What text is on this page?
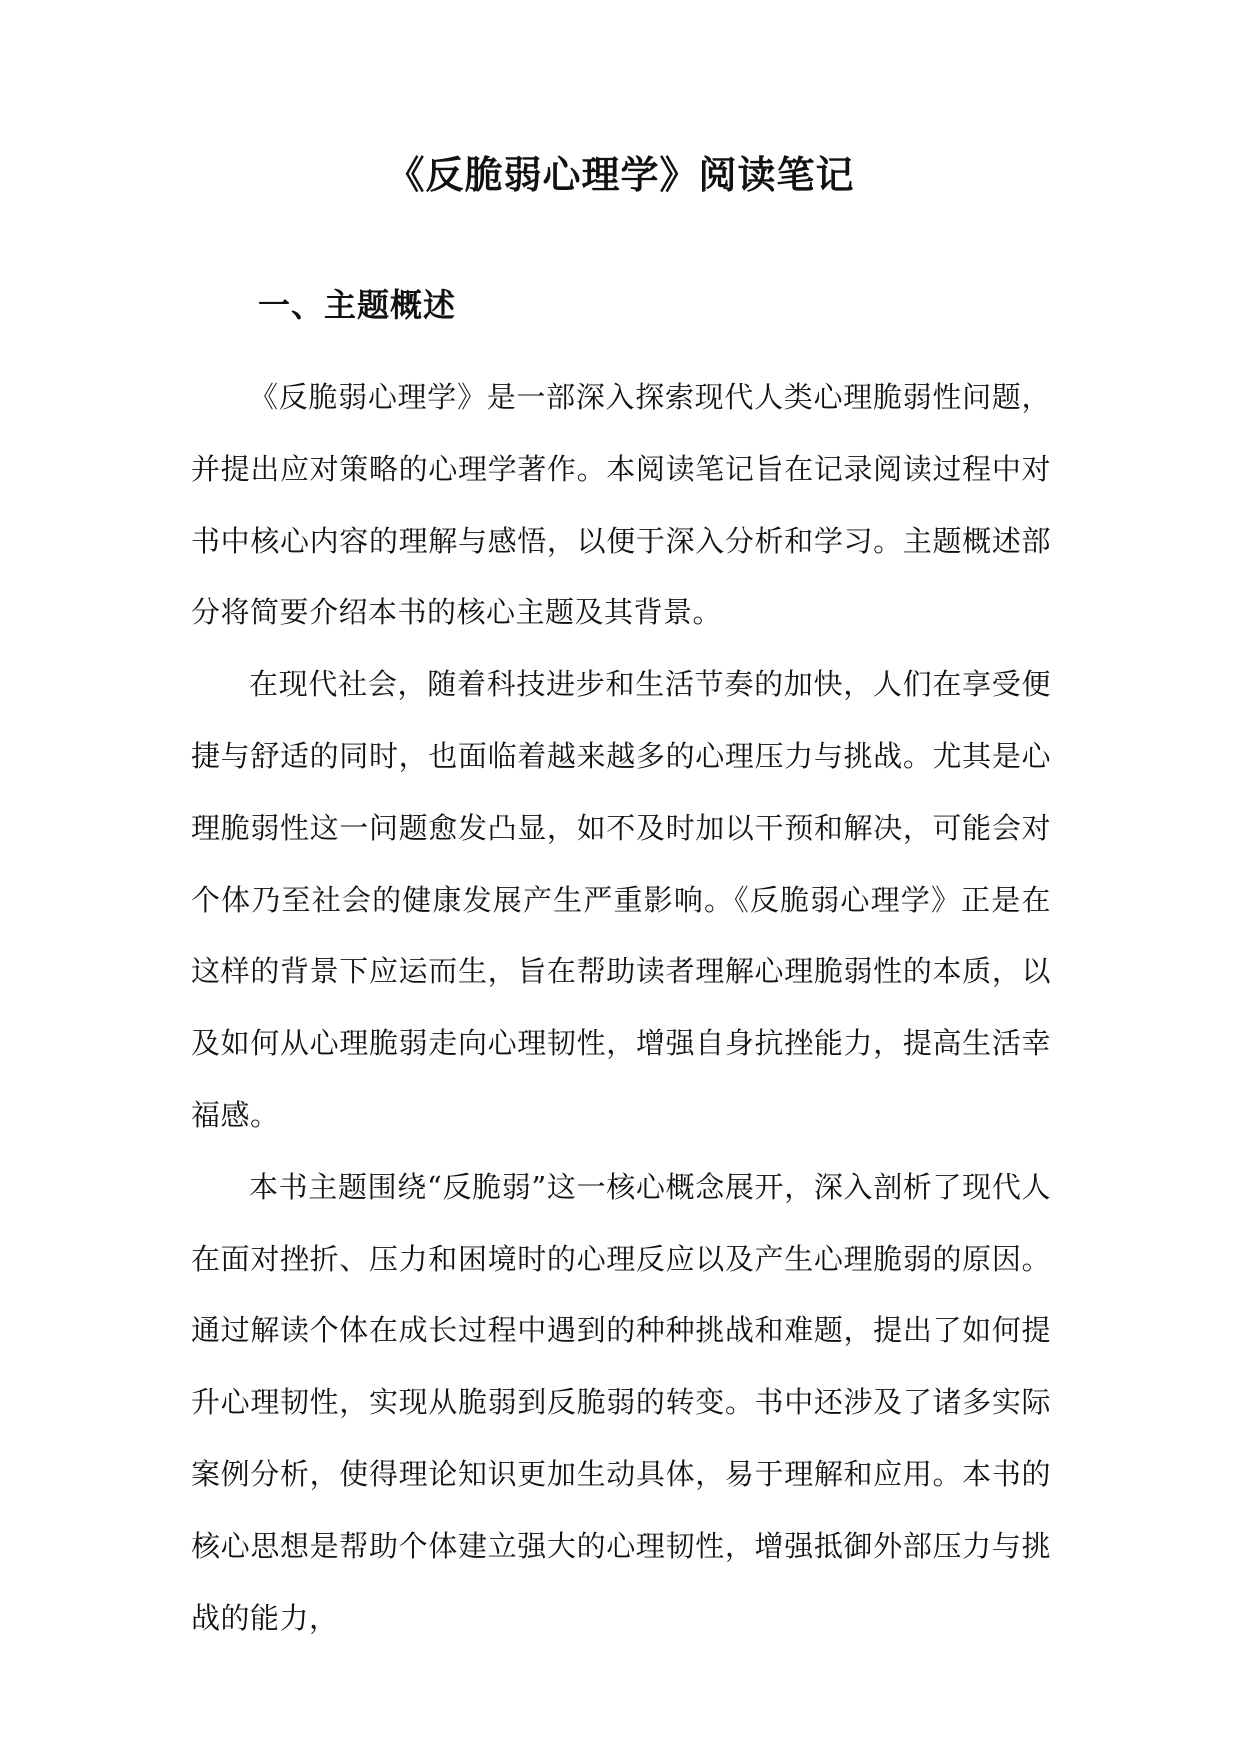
《反脆弱心理学》阅读笔记
一、主题概述

《反脆弱心理学》是一部深入探索现代人类心理脆弱性问题，并提出应对策略的心理学著作。本阅读笔记旨在记录阅读过程中对书中核心内容的理解与感悟，以便于深入分析和学习。主题概述部分将简要介绍本书的核心主题及其背景。

在现代社会，随着科技进步和生活节奏的加快，人们在享受便捷与舒适的同时，也面临着越来越多的心理压力与挑战。尤其是心理脆弱性这一问题愈发凸显，如不及时加以干预和解决，可能会对个体乃至社会的健康发展产生严重影响。《反脆弱心理学》正是在这样的背景下应运而生，旨在帮助读者理解心理脆弱性的本质，以及如何从心理脆弱走向心理韧性，增强自身抗挫能力，提高生活幸福感。

本书主题围绕“反脆弱”这一核心概念展开，深入剖析了现代人在面对挫折、压力和困境时的心理反应以及产生心理脆弱的原因。通过解读个体在成长过程中遇到的种种挑战和难题，提出了如何提升心理韧性，实现从脆弱到反脆弱的转变。书中还涉及了诸多实际案例分析，使得理论知识更加生动具体，易于理解和应用。本书的核心思想是帮助个体建立强大的心理韧性，增强抵御外部压力与挑战的能力，
